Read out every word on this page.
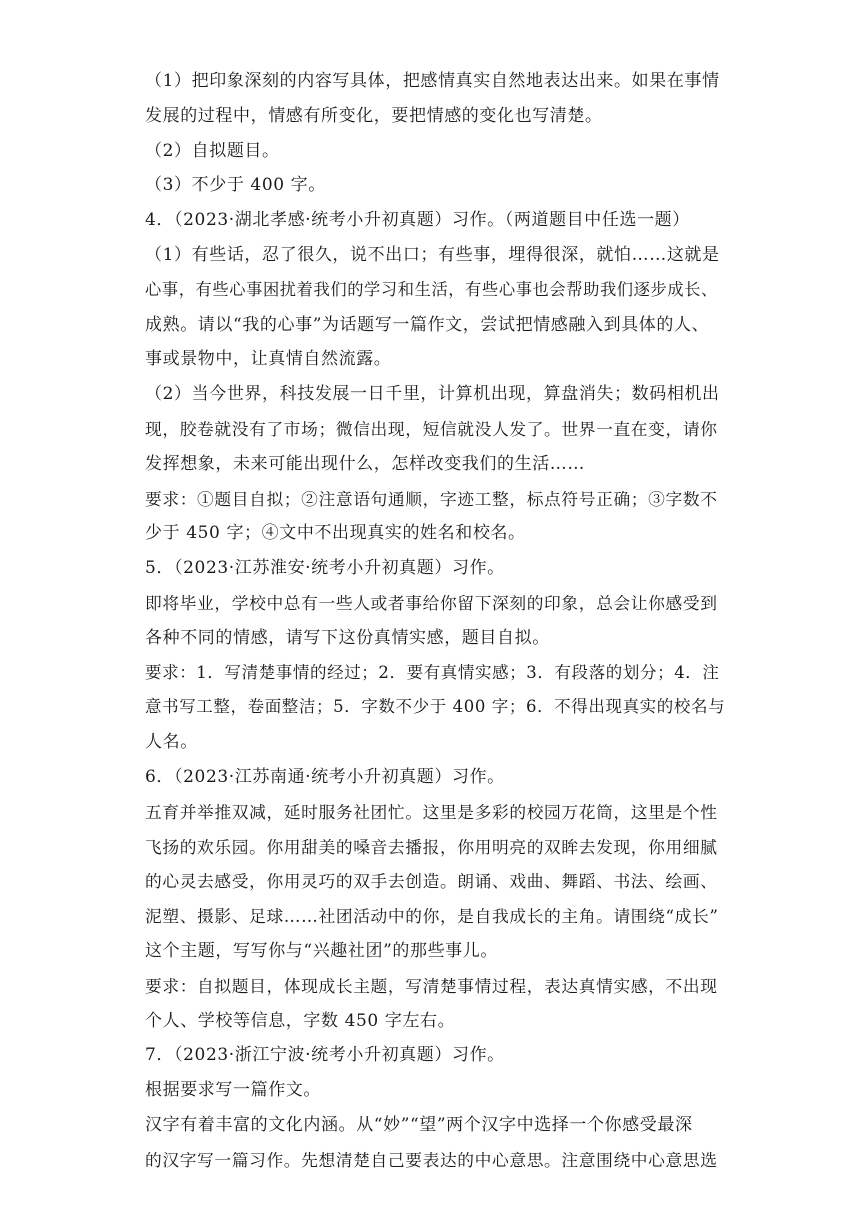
（1）把印象深刻的内容写具体，把感情真实自然地表达出来。如果在事情
发展的过程中，情感有所变化，要把情感的变化也写清楚。
（2）自拟题目。
（3）不少于 400 字。
4．（2023·湖北孝感·统考小升初真题）习作。（两道题目中任选一题）
（1）有些话，忍了很久，说不出口；有些事，埋得很深，就怕……这就是
心事，有些心事困扰着我们的学习和生活，有些心事也会帮助我们逐步成长、
成熟。请以“我的心事”为话题写一篇作文，尝试把情感融入到具体的人、
事或景物中，让真情自然流露。
（2）当今世界，科技发展一日千里，计算机出现，算盘消失；数码相机出
现，胶卷就没有了市场；微信出现，短信就没人发了。世界一直在变，请你
发挥想象，未来可能出现什么，怎样改变我们的生活……
要求：①题目自拟；②注意语句通顺，字迹工整，标点符号正确；③字数不
少于 450 字；④文中不出现真实的姓名和校名。
5．（2023·江苏淮安·统考小升初真题）习作。
即将毕业，学校中总有一些人或者事给你留下深刻的印象，总会让你感受到
各种不同的情感，请写下这份真情实感，题目自拟。
要求：1．写清楚事情的经过；2．要有真情实感；3．有段落的划分；4．注
意书写工整，卷面整洁；5．字数不少于 400 字；6．不得出现真实的校名与
人名。
6．（2023·江苏南通·统考小升初真题）习作。
五育并举推双减，延时服务社团忙。这里是多彩的校园万花筒，这里是个性
飞扬的欢乐园。你用甜美的嗓音去播报，你用明亮的双眸去发现，你用细腻
的心灵去感受，你用灵巧的双手去创造。朗诵、戏曲、舞蹈、书法、绘画、
泥塑、摄影、足球……社团活动中的你，是自我成长的主角。请围绕“成长”
这个主题，写写你与“兴趣社团”的那些事儿。
要求：自拟题目，体现成长主题，写清楚事情过程，表达真情实感，不出现
个人、学校等信息，字数 450 字左右。
7．（2023·浙江宁波·统考小升初真题）习作。
根据要求写一篇作文。
汉字有着丰富的文化内涵。从“妙”“望”两个汉字中选择一个你感受最深
的汉字写一篇习作。先想清楚自己要表达的中心意思。注意围绕中心意思选
